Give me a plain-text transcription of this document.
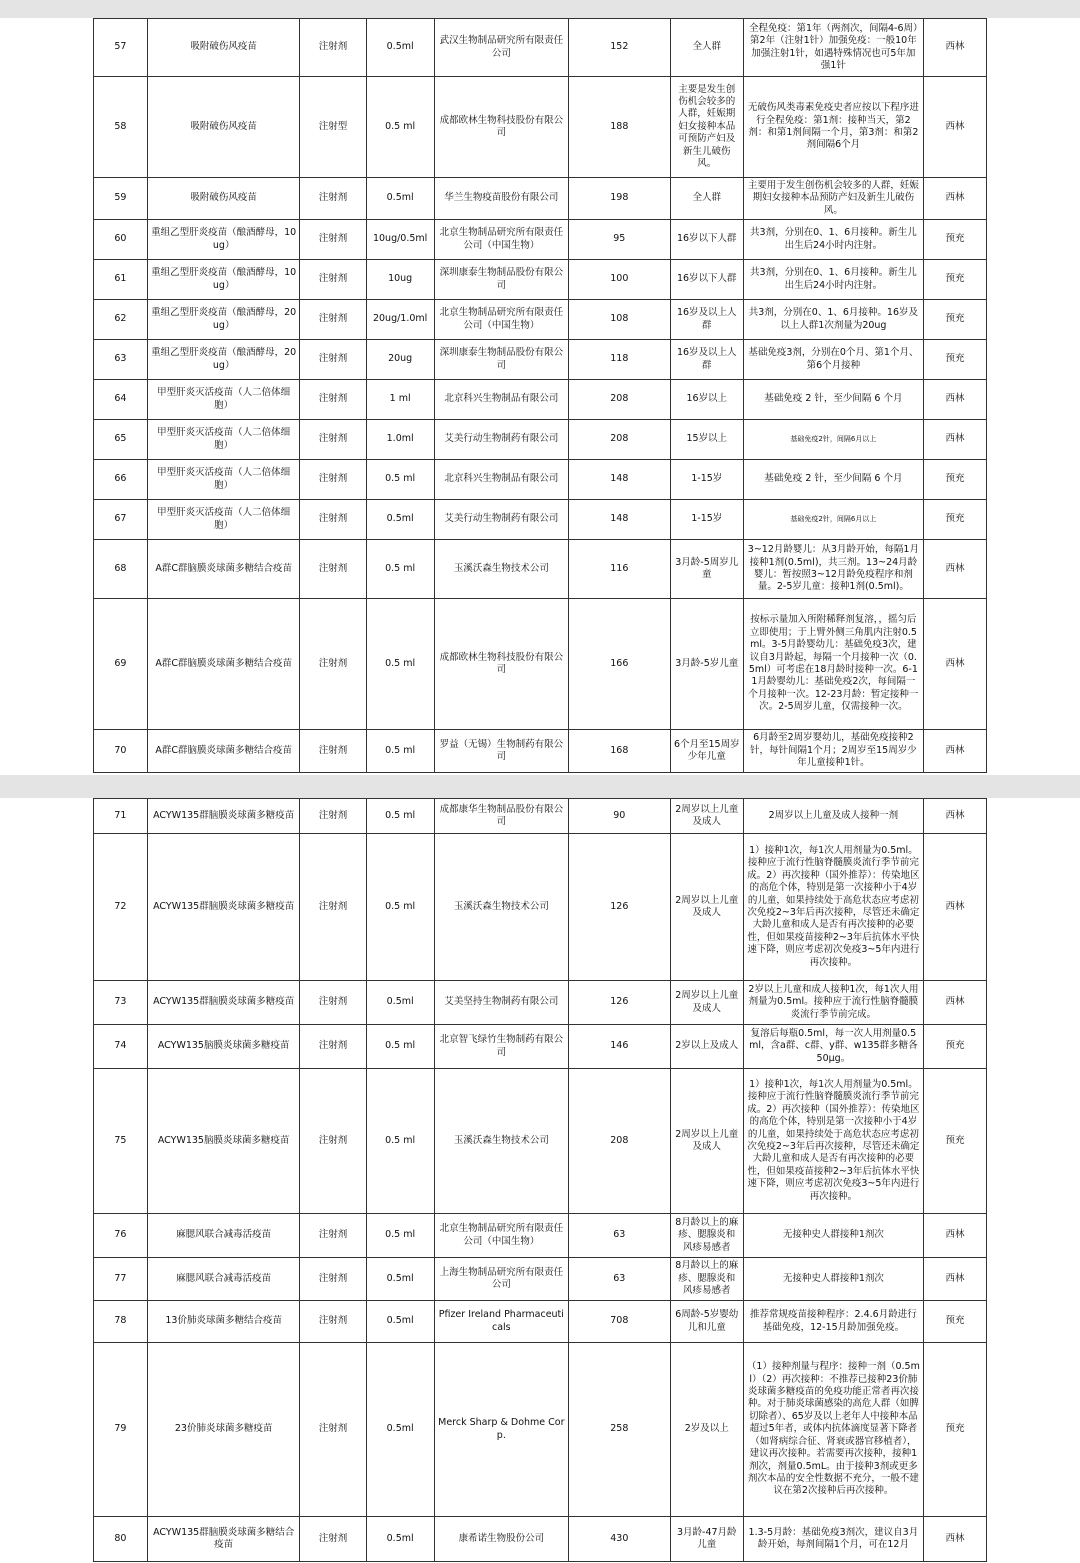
57	吸附破伤风疫苗	注射剂	0.5ml	武汉生物制品研究所有限责任公司	152	全人群	全程免疫：第1年（两剂次，间隔4-6周）第2年（注射1针）加强免疫：一般10年加强注射1针，如遇特殊情况也可5年加强1针	西林
58	吸附破伤风疫苗	注射型	0.5 ml	成都欧林生物科技股份有限公司	188	主要是发生创伤机会较多的人群，妊娠期妇女接种本品可预防产妇及新生儿破伤风。	无破伤风类毒素免疫史者应按以下程序进行全程免疫：第1剂：接种当天，第2剂：和第1剂间隔一个月，第3剂：和第2剂间隔6个月	西林
59	吸附破伤风疫苗	注射剂	0.5ml	华兰生物疫苗股份有限公司	198	全人群	主要用于发生创伤机会较多的人群，妊娠期妇女接种本品预防产妇及新生儿破伤风。	西林
60	重组乙型肝炎疫苗（酿酒酵母，10ug）	注射剂	10ug/0.5ml	北京生物制品研究所有限责任公司（中国生物）	95	16岁以下人群	共3剂，分别在0、1、6月接种。新生儿出生后24小时内注射。	预充
61	重组乙型肝炎疫苗（酿酒酵母，10ug）	注射剂	10ug	深圳康泰生物制品股份有限公司	100	16岁以下人群	共3剂，分别在0、1、6月接种。新生儿出生后24小时内注射。	预充
62	重组乙型肝炎疫苗（酿酒酵母，20ug）	注射剂	20ug/1.0ml	北京生物制品研究所有限责任公司（中国生物）	108	16岁及以上人群	共3剂，分别在0、1、6月接种。16岁及以上人群1次剂量为20ug	预充
63	重组乙型肝炎疫苗（酿酒酵母，20ug）	注射剂	20ug	深圳康泰生物制品股份有限公司	118	16岁及以上人群	基础免疫3剂，分别在0个月、第1个月、第6个月接种	预充
64	甲型肝炎灭活疫苗（人二倍体细胞）	注射剂	1 ml	北京科兴生物制品有限公司	208	16岁以上	基础免疫 2 针，至少间隔 6 个月	西林
65	甲型肝炎灭活疫苗（人二倍体细胞）	注射剂	1.0ml	艾美行动生物制药有限公司	208	15岁以上	基础免疫2针，间隔6月以上	西林
66	甲型肝炎灭活疫苗（人二倍体细胞）	注射剂	0.5 ml	北京科兴生物制品有限公司	148	1-15岁	基础免疫 2 针，至少间隔 6 个月	预充
67	甲型肝炎灭活疫苗（人二倍体细胞）	注射剂	0.5ml	艾美行动生物制药有限公司	148	1-15岁	基础免疫2针，间隔6月以上	预充
68	A群C群脑膜炎球菌多糖结合疫苗	注射剂	0.5 ml	玉溪沃森生物技术公司	116	3月龄-5周岁儿童	3~12月龄婴儿：从3月龄开始，每隔1月接种1剂(0.5ml)，共三剂。13~24月龄婴儿：暂按照3~12月龄免疫程序和剂量。2-5岁儿童：接种1剂(0.5ml)。	西林
69	A群C群脑膜炎球菌多糖结合疫苗	注射剂	0.5 ml	成都欧林生物科技股份有限公司	166	3月龄-5岁儿童	按标示量加入所附稀释剂复溶，，摇匀后立即使用；于上臂外侧三角肌内注射0.5ml。3-5月龄婴幼儿：基础免疫3次，建议自3月龄起，每隔一个月接种一次（0.5ml）可考虑在18月龄时接种一次。6-11月龄婴幼儿：基础免疫2次，每间隔一个月接种一次。12-23月龄：暂定接种一次。2-5周岁儿童，仅需接种一次。	西林
70	A群C群脑膜炎球菌多糖结合疫苗	注射剂	0.5 ml	罗益（无锡）生物制药有限公司	168	6个月至15周岁少年儿童	6月龄至2周岁婴幼儿，基础免疫接种2针，每针间隔1个月；2周岁至15周岁少年儿童接种1针。	西林
71	ACYW135群脑膜炎球菌多糖疫苗	注射剂	0.5 ml	成都康华生物制品股份有限公司	90	2周岁以上儿童及成人	2周岁以上儿童及成人接种一剂	西林
72	ACYW135群脑膜炎球菌多糖疫苗	注射剂	0.5 ml	玉溪沃森生物技术公司	126	2周岁以上儿童及成人	1）接种1次，每1次人用剂量为0.5ml。接种应于流行性脑脊髓膜炎流行季节前完成。2）再次接种（国外推荐）：传染地区的高危个体，特别是第一次接种小于4岁的儿童，如果持续处于高危状态应考虑初次免疫2~3年后再次接种，尽管还未确定大龄儿童和成人是否有再次接种的必要性，但如果疫苗接种2~3年后抗体水平快速下降，则应考虑初次免疫3~5年内进行再次接种。	西林
73	ACYW135群脑膜炎球菌多糖疫苗	注射剂	0.5ml	艾美坚持生物制药有限公司	126	2周岁以上儿童及成人	2岁以上儿童和成人接种1次，每1次人用剂量为0.5ml。接种应于流行性脑脊髓膜炎流行季节前完成。	西林
74	ACYW135脑膜炎球菌多糖疫苗	注射剂	0.5 ml	北京智飞绿竹生物制药有限公司	146	2岁以上及成人	复溶后每瓶0.5ml，每一次人用剂量0.5ml，含a群、c群、y群、w135群多糖各50μg。	预充
75	ACYW135脑膜炎球菌多糖疫苗	注射剂	0.5 ml	玉溪沃森生物技术公司	208	2周岁以上儿童及成人	1）接种1次，每1次人用剂量为0.5ml。接种应于流行性脑脊髓膜炎流行季节前完成。2）再次接种（国外推荐）：传染地区的高危个体，特别是第一次接种小于4岁的儿童，如果持续处于高危状态应考虑初次免疫2~3年后再次接种，尽管还未确定大龄儿童和成人是否有再次接种的必要性，但如果疫苗接种2~3年后抗体水平快速下降，则应考虑初次免疫3~5年内进行再次接种。	预充
76	麻腮风联合减毒活疫苗	注射剂	0.5 ml	北京生物制品研究所有限责任公司（中国生物）	63	8月龄以上的麻疹、腮腺炎和风疹易感者	无接种史人群接种1剂次	西林
77	麻腮风联合减毒活疫苗	注射剂	0.5ml	上海生物制品研究所有限责任公司	63	8月龄以上的麻疹、腮腺炎和风疹易感者	无接种史人群接种1剂次	西林
78	13价肺炎球菌多糖结合疫苗	注射剂	0.5ml	Pfizer Ireland Pharmaceuticals	708	6周龄-5岁婴幼儿和儿童	推荐常规疫苗接种程序：2.4.6月龄进行基础免疫，12-15月龄加强免疫。	预充
79	23价肺炎球菌多糖疫苗	注射剂	0.5ml	Merck Sharp & Dohme Corp.	258	2岁及以上	（1）接种剂量与程序：接种一剂（0.5ml）（2）再次接种：不推荐已接种23价肺炎球菌多糖疫苗的免疫功能正常者再次接种。对于肺炎球菌感染的高危人群（如脾切除者）、65岁及以上老年人中接种本品超过5年者，或体内抗体滴度显著下降者（如肾病综合征、肾衰或器官移植者），建议再次接种。若需要再次接种，接种1剂次，剂量0.5mL。由于接种3剂或更多剂次本品的安全性数据不充分，一般不建议在第2次接种后再次接种。	预充
80	ACYW135群脑膜炎球菌多糖结合疫苗	注射剂	0.5ml	康希诺生物股份公司	430	3月龄-47月龄儿童	1.3-5月龄：基础免疫3剂次，建议自3月龄开始，每剂间隔1个月，可在12月	西林
